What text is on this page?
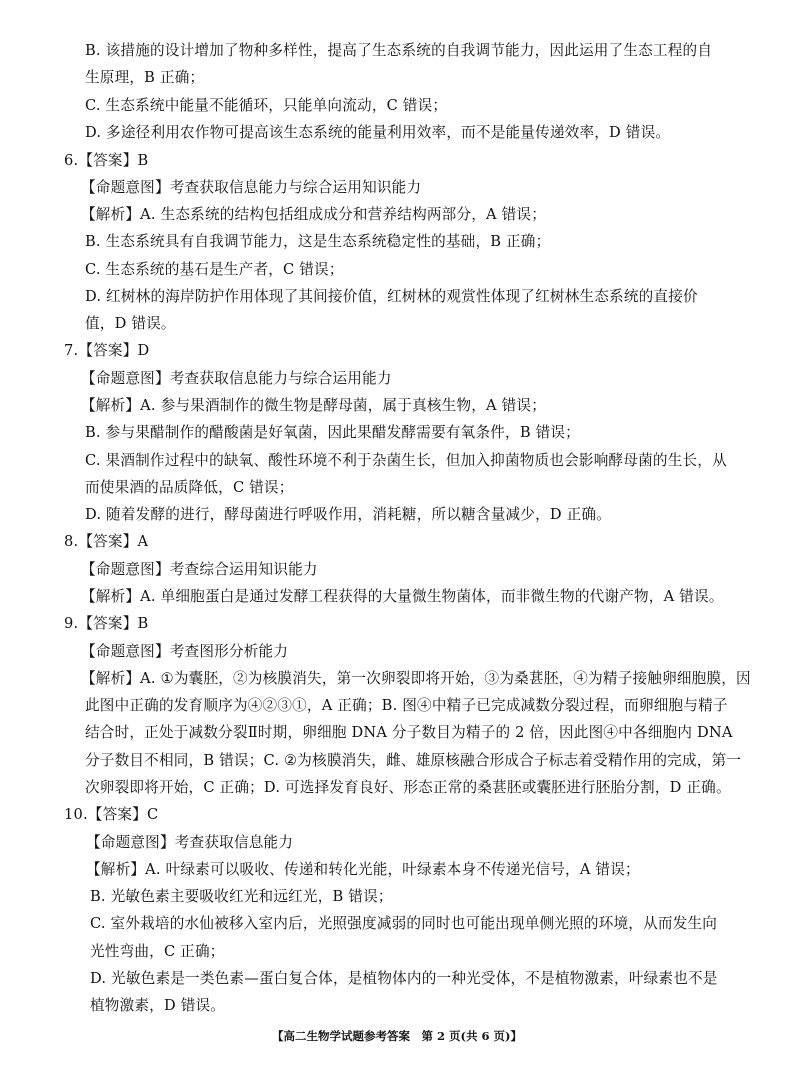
B. 该措施的设计增加了物种多样性，提高了生态系统的自我调节能力，因此运用了生态工程的自
生原理，B 正确；
C. 生态系统中能量不能循环，只能单向流动，C 错误；
D. 多途径利用农作物可提高该生态系统的能量利用效率，而不是能量传递效率，D 错误。
6.【答案】B
【命题意图】考查获取信息能力与综合运用知识能力
【解析】A. 生态系统的结构包括组成成分和营养结构两部分，A 错误；
B. 生态系统具有自我调节能力，这是生态系统稳定性的基础，B 正确；
C. 生态系统的基石是生产者，C 错误；
D. 红树林的海岸防护作用体现了其间接价值，红树林的观赏性体现了红树林生态系统的直接价
值，D 错误。
7.【答案】D
【命题意图】考查获取信息能力与综合运用能力
【解析】A. 参与果酒制作的微生物是酵母菌，属于真核生物，A 错误；
B. 参与果醋制作的醋酸菌是好氧菌，因此果醋发酵需要有氧条件，B 错误；
C. 果酒制作过程中的缺氧、酸性环境不利于杂菌生长，但加入抑菌物质也会影响酵母菌的生长，从
而使果酒的品质降低，C 错误；
D. 随着发酵的进行，酵母菌进行呼吸作用，消耗糖，所以糖含量减少，D 正确。
8.【答案】A
【命题意图】考查综合运用知识能力
【解析】A. 单细胞蛋白是通过发酵工程获得的大量微生物菌体，而非微生物的代谢产物，A 错误。
9.【答案】B
【命题意图】考查图形分析能力
【解析】A. ①为囊胚，②为核膜消失，第一次卵裂即将开始，③为桑葚胚，④为精子接触卵细胞膜，因
此图中正确的发育顺序为④②③①，A 正确；B. 图④中精子已完成减数分裂过程，而卵细胞与精子
结合时，正处于减数分裂Ⅱ时期，卵细胞 DNA 分子数目为精子的 2 倍，因此图④中各细胞内 DNA
分子数目不相同，B 错误；C. ②为核膜消失，雌、雄原核融合形成合子标志着受精作用的完成，第一
次卵裂即将开始，C 正确；D. 可选择发育良好、形态正常的桑葚胚或囊胚进行胚胎分割，D 正确。
10.【答案】C
【命题意图】考查获取信息能力
【解析】A. 叶绿素可以吸收、传递和转化光能，叶绿素本身不传递光信号，A 错误；
B. 光敏色素主要吸收红光和远红光，B 错误；
C. 室外栽培的水仙被移入室内后，光照强度减弱的同时也可能出现单侧光照的环境，从而发生向
光性弯曲，C 正确；
D. 光敏色素是一类色素—蛋白复合体，是植物体内的一种光受体，不是植物激素，叶绿素也不是
植物激素，D 错误。
【高二生物学试题参考答案　第 2 页(共 6 页)】
